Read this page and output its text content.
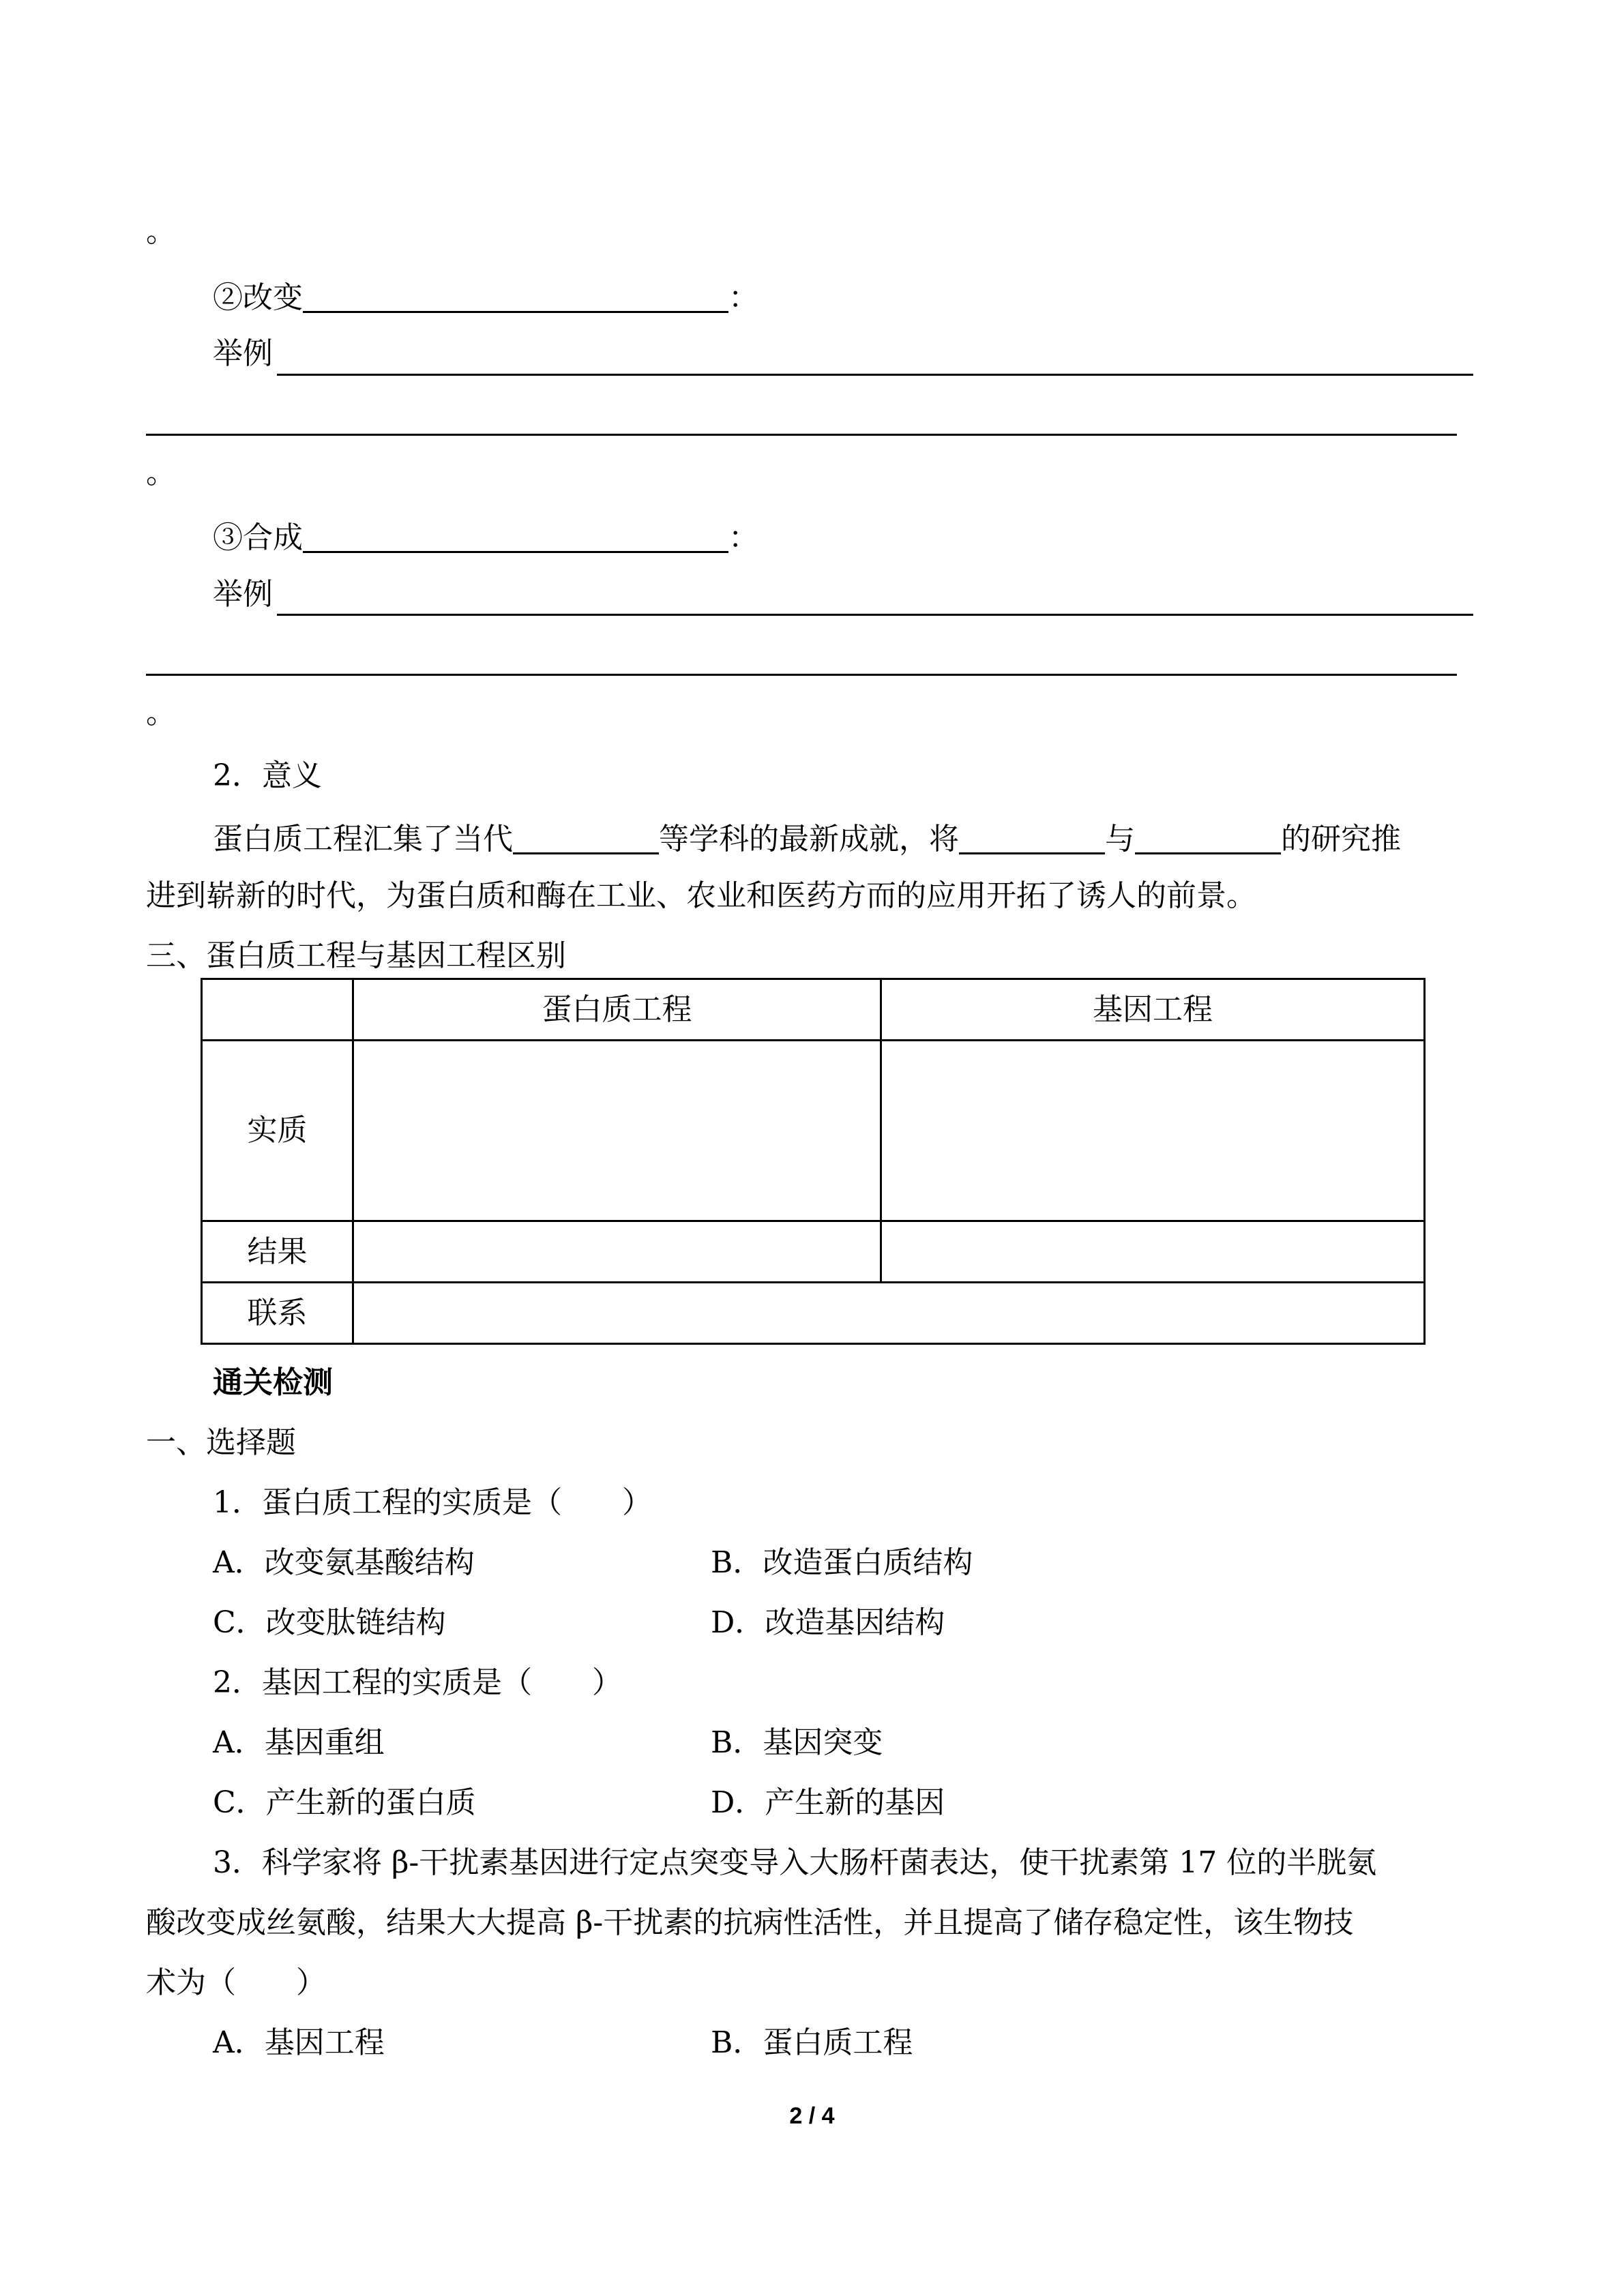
。
②改变	：
举例
。
③合成	：
举例
。
2．意义
蛋白质工程汇集了当代	等学科的最新成就，将	与	的研究推
进到崭新的时代，为蛋白质和酶在工业、农业和医药方而的应用开拓了诱人的前景。
三、蛋白质工程与基因工程区别
	蛋白质工程	基因工程
实质		
结果		
联系		
通关检测
一、选择题
1．蛋白质工程的实质是（　　）
A．改变氨基酸结构	B．改造蛋白质结构
C．改变肽链结构	D．改造基因结构
2．基因工程的实质是（　　）
A．基因重组	B．基因突变
C．产生新的蛋白质	D．产生新的基因
3．科学家将 β-干扰素基因进行定点突变导入大肠杆菌表达，使干扰素第 17 位的半胱氨
酸改变成丝氨酸，结果大大提高 β-干扰素的抗病性活性，并且提高了储存稳定性，该生物技
术为（　　）
A．基因工程	B．蛋白质工程
2 / 4
